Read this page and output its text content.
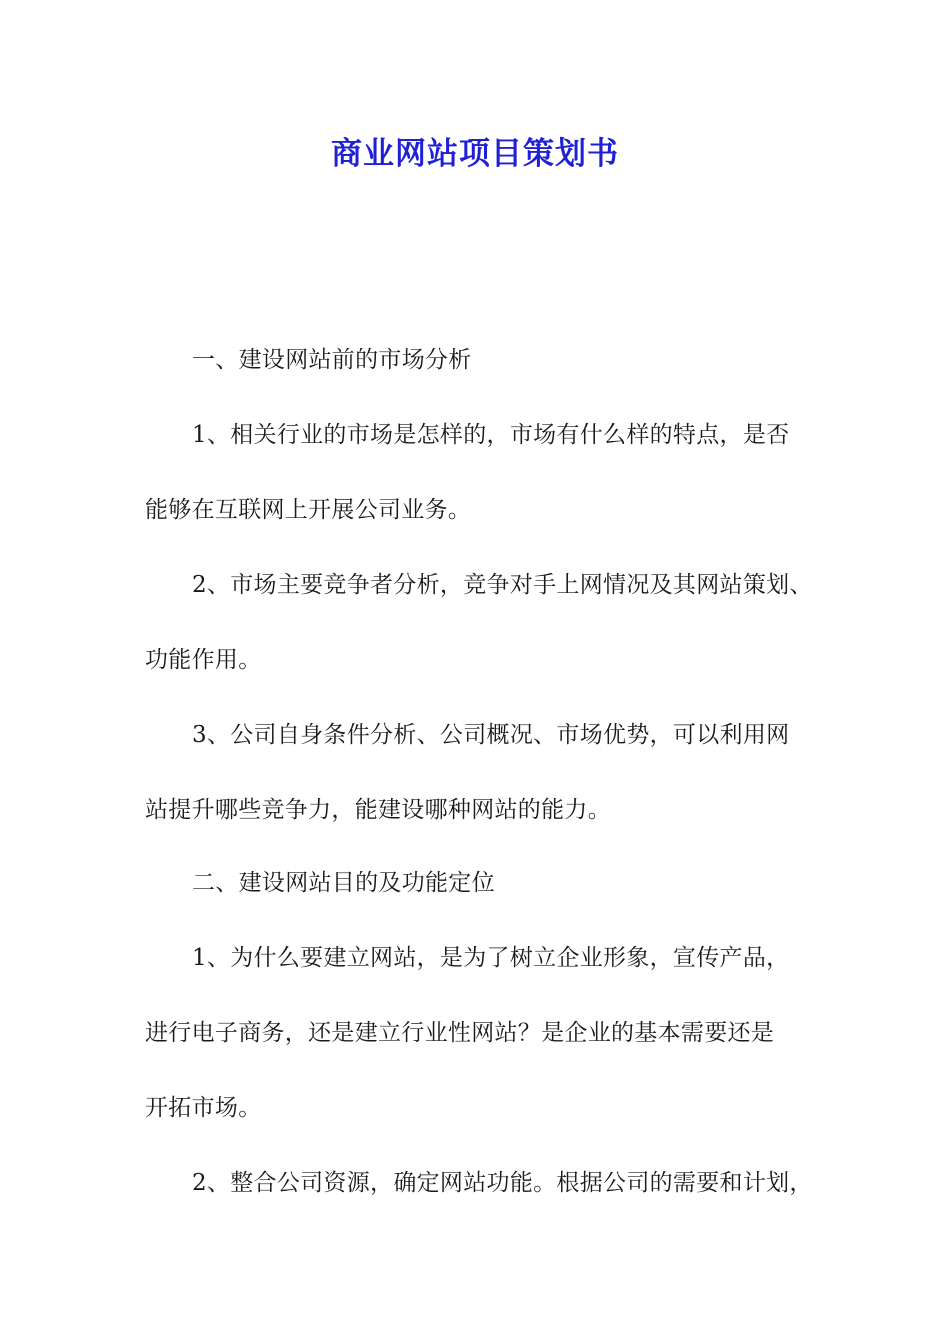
商业网站项目策划书
一、建设网站前的市场分析
1、相关行业的市场是怎样的，市场有什么样的特点，是否
能够在互联网上开展公司业务。
2、市场主要竞争者分析，竞争对手上网情况及其网站策划、
功能作用。
3、公司自身条件分析、公司概况、市场优势，可以利用网
站提升哪些竞争力，能建设哪种网站的能力。
二、建设网站目的及功能定位
1、为什么要建立网站，是为了树立企业形象，宣传产品，
进行电子商务，还是建立行业性网站？是企业的基本需要还是
开拓市场。
2、整合公司资源，确定网站功能。根据公司的需要和计划，
